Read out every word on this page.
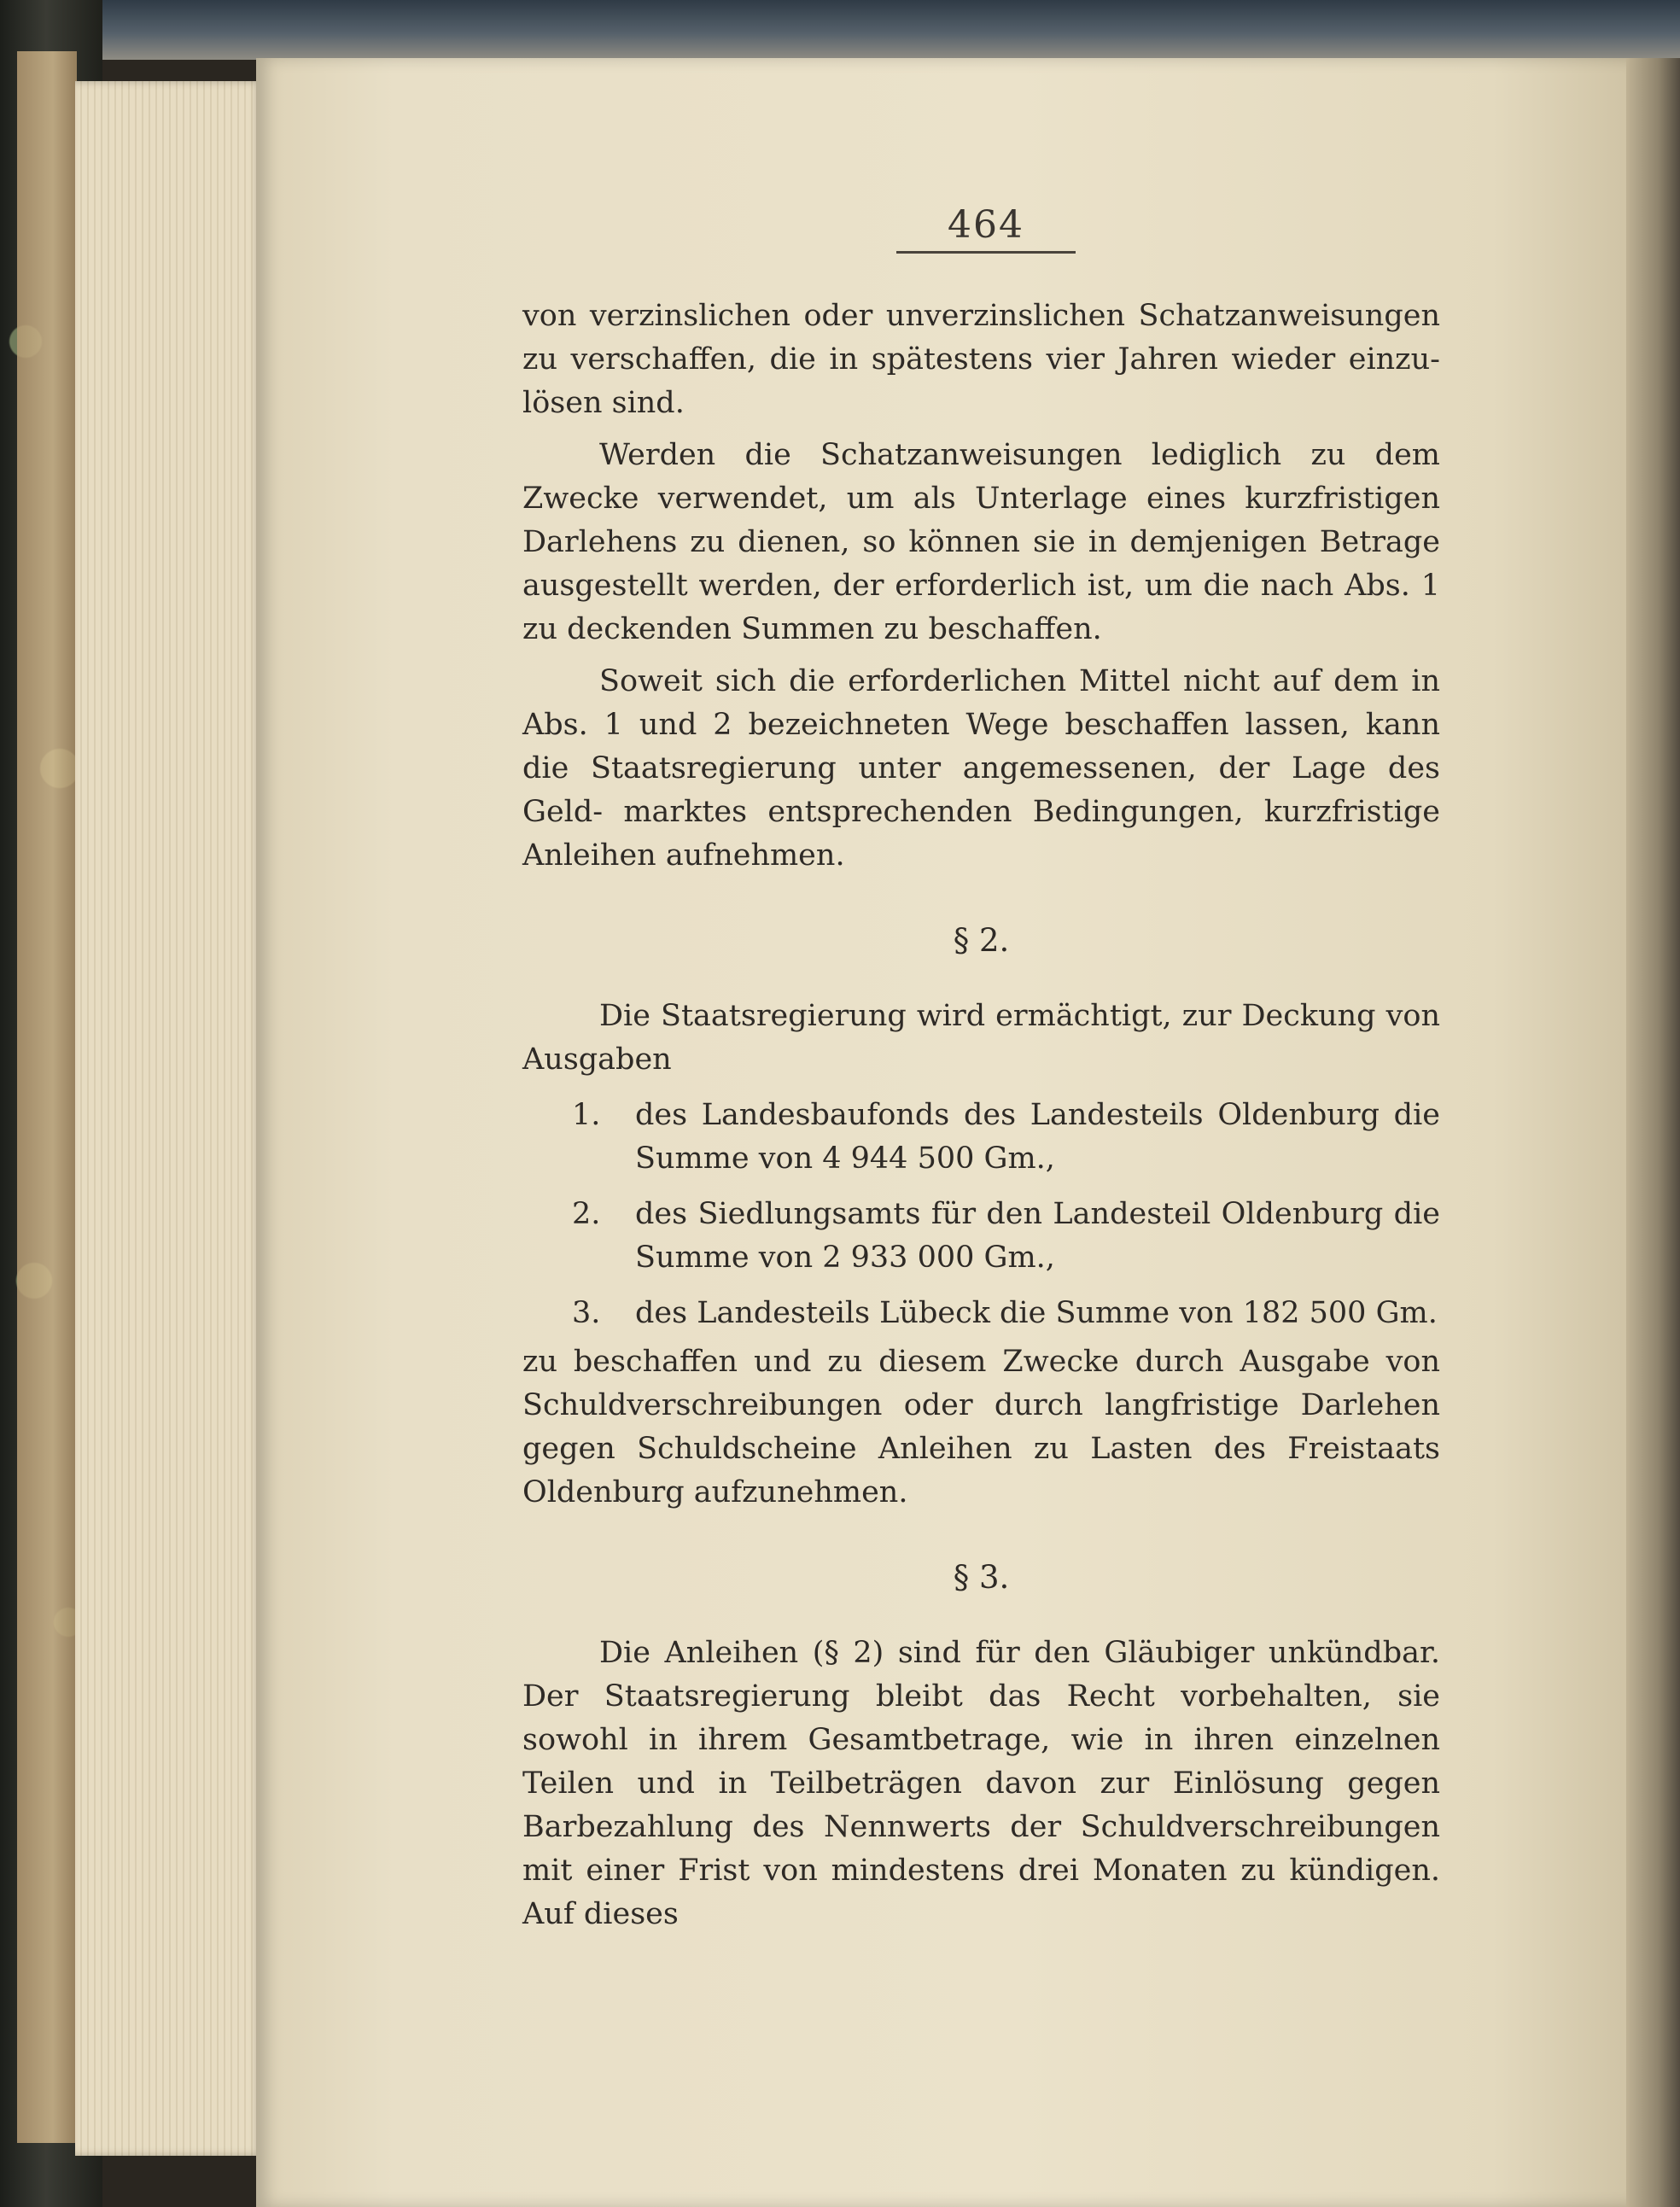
464

von verzinslichen oder unverzinslichen Schatzanweisungen zu verschaffen, die in spätestens vier Jahren wieder einzu- lösen sind.

Werden die Schatzanweisungen lediglich zu dem Zwecke verwendet, um als Unterlage eines kurzfristigen Darlehens zu dienen, so können sie in demjenigen Betrage ausgestellt werden, der erforderlich ist, um die nach Abs. 1 zu deckenden Summen zu beschaffen.

Soweit sich die erforderlichen Mittel nicht auf dem in Abs. 1 und 2 bezeichneten Wege beschaffen lassen, kann die Staatsregierung unter angemessenen, der Lage des Geld- marktes entsprechenden Bedingungen, kurzfristige Anleihen aufnehmen.

§ 2.

Die Staatsregierung wird ermächtigt, zur Deckung von Ausgaben

1.	des Landesbaufonds des Landesteils Oldenburg die Summe von 4 944 500 Gm.,
2.	des Siedlungsamts für den Landesteil Oldenburg die Summe von 2 933 000 Gm.,
3.	des Landesteils Lübeck die Summe von 182 500 Gm.

zu beschaffen und zu diesem Zwecke durch Ausgabe von Schuldverschreibungen oder durch langfristige Darlehen gegen Schuldscheine Anleihen zu Lasten des Freistaats Oldenburg aufzunehmen.

§ 3.

Die Anleihen (§ 2) sind für den Gläubiger unkündbar. Der Staatsregierung bleibt das Recht vorbehalten, sie sowohl in ihrem Gesamtbetrage, wie in ihren einzelnen Teilen und in Teilbeträgen davon zur Einlösung gegen Barbezahlung des Nennwerts der Schuldverschreibungen mit einer Frist von mindestens drei Monaten zu kündigen. Auf dieses
